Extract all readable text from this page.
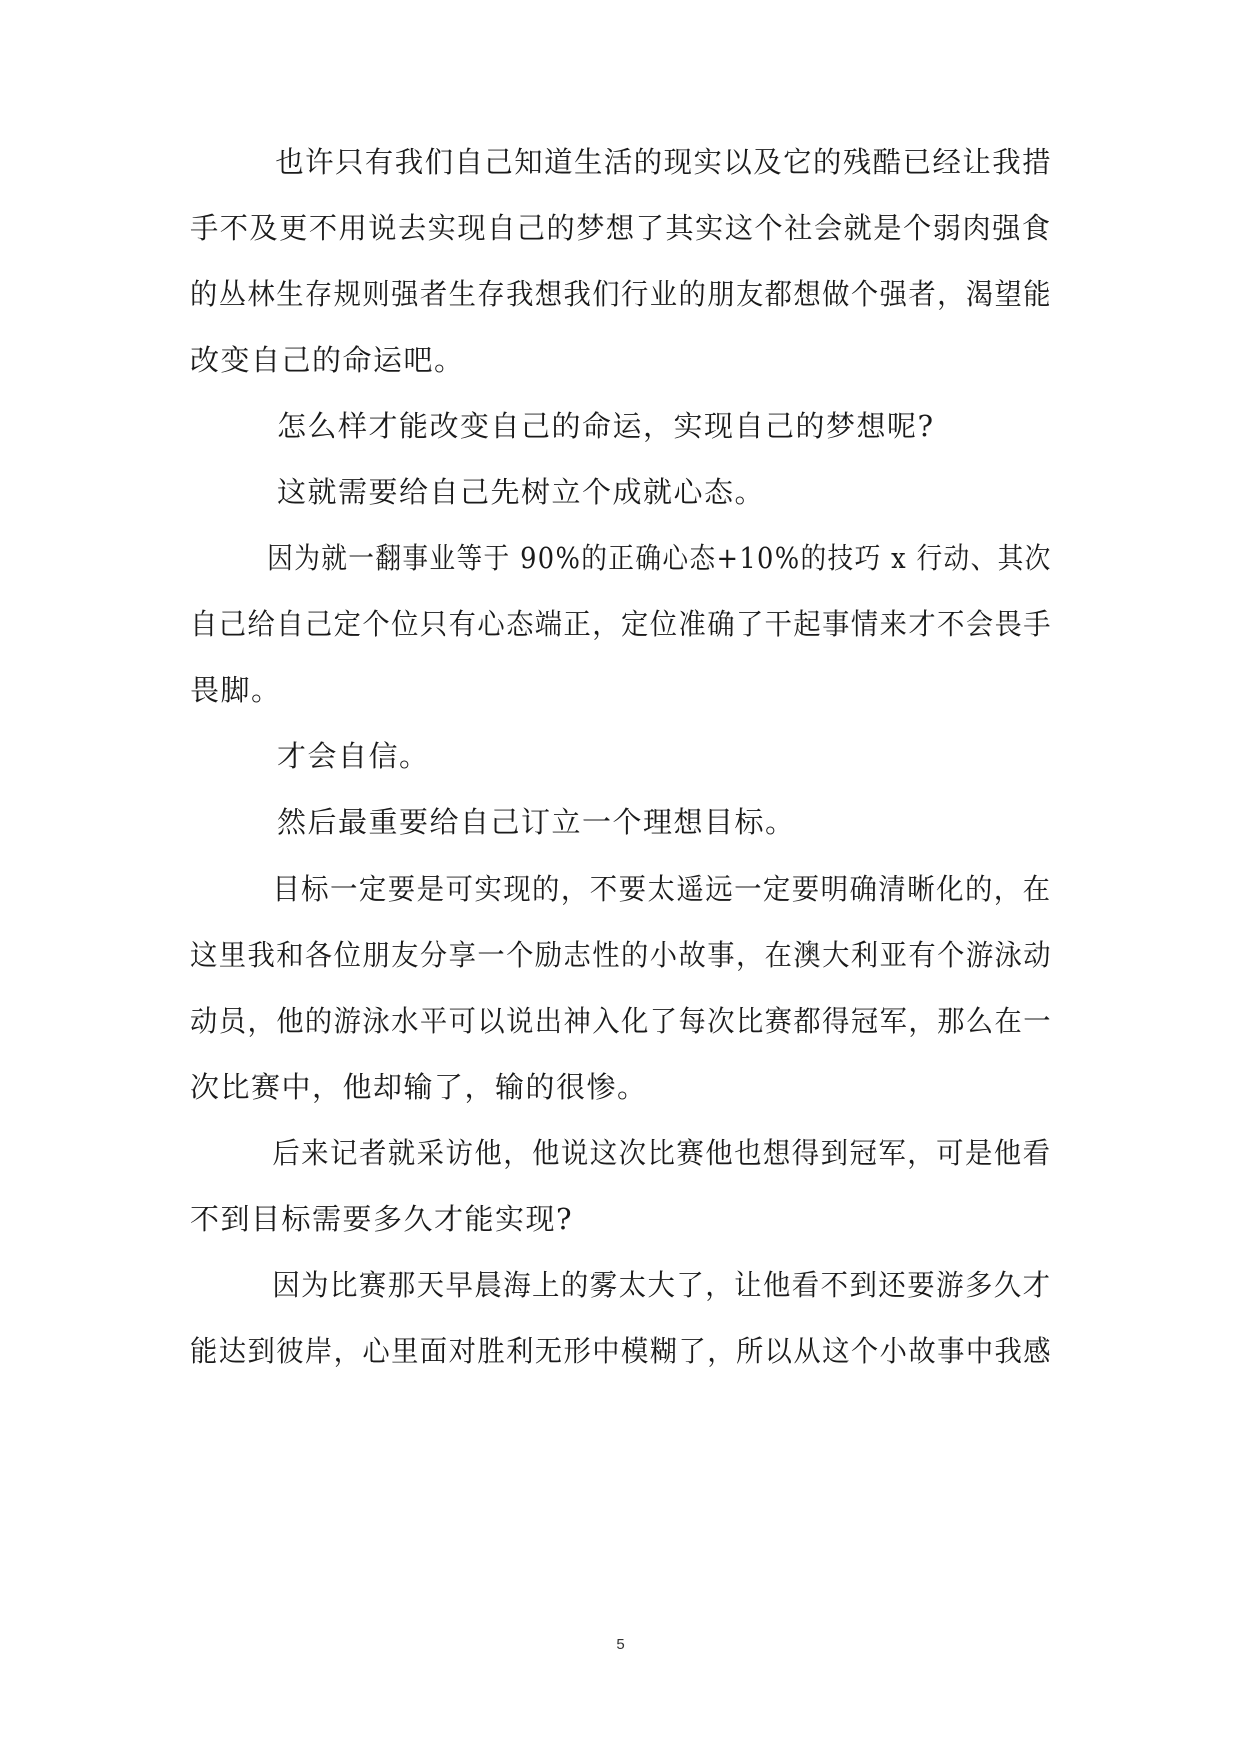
也许只有我们自己知道生活的现实以及它的残酷已经让我措
手不及更不用说去实现自己的梦想了其实这个社会就是个弱肉强食
的丛林生存规则强者生存我想我们行业的朋友都想做个强者，渴望能
改变自己的命运吧。
怎么样才能改变自己的命运，实现自己的梦想呢?
这就需要给自己先树立个成就心态。
因为就一翻事业等于 90%的正确心态+10%的技巧 x 行动、其次
自己给自己定个位只有心态端正，定位准确了干起事情来才不会畏手
畏脚。
才会自信。
然后最重要给自己订立一个理想目标。
目标一定要是可实现的，不要太遥远一定要明确清晰化的，在
这里我和各位朋友分享一个励志性的小故事，在澳大利亚有个游泳动
动员，他的游泳水平可以说出神入化了每次比赛都得冠军，那么在一
次比赛中，他却输了，输的很惨。
后来记者就采访他，他说这次比赛他也想得到冠军，可是他看
不到目标需要多久才能实现?
因为比赛那天早晨海上的雾太大了，让他看不到还要游多久才
能达到彼岸，心里面对胜利无形中模糊了，所以从这个小故事中我感
5
